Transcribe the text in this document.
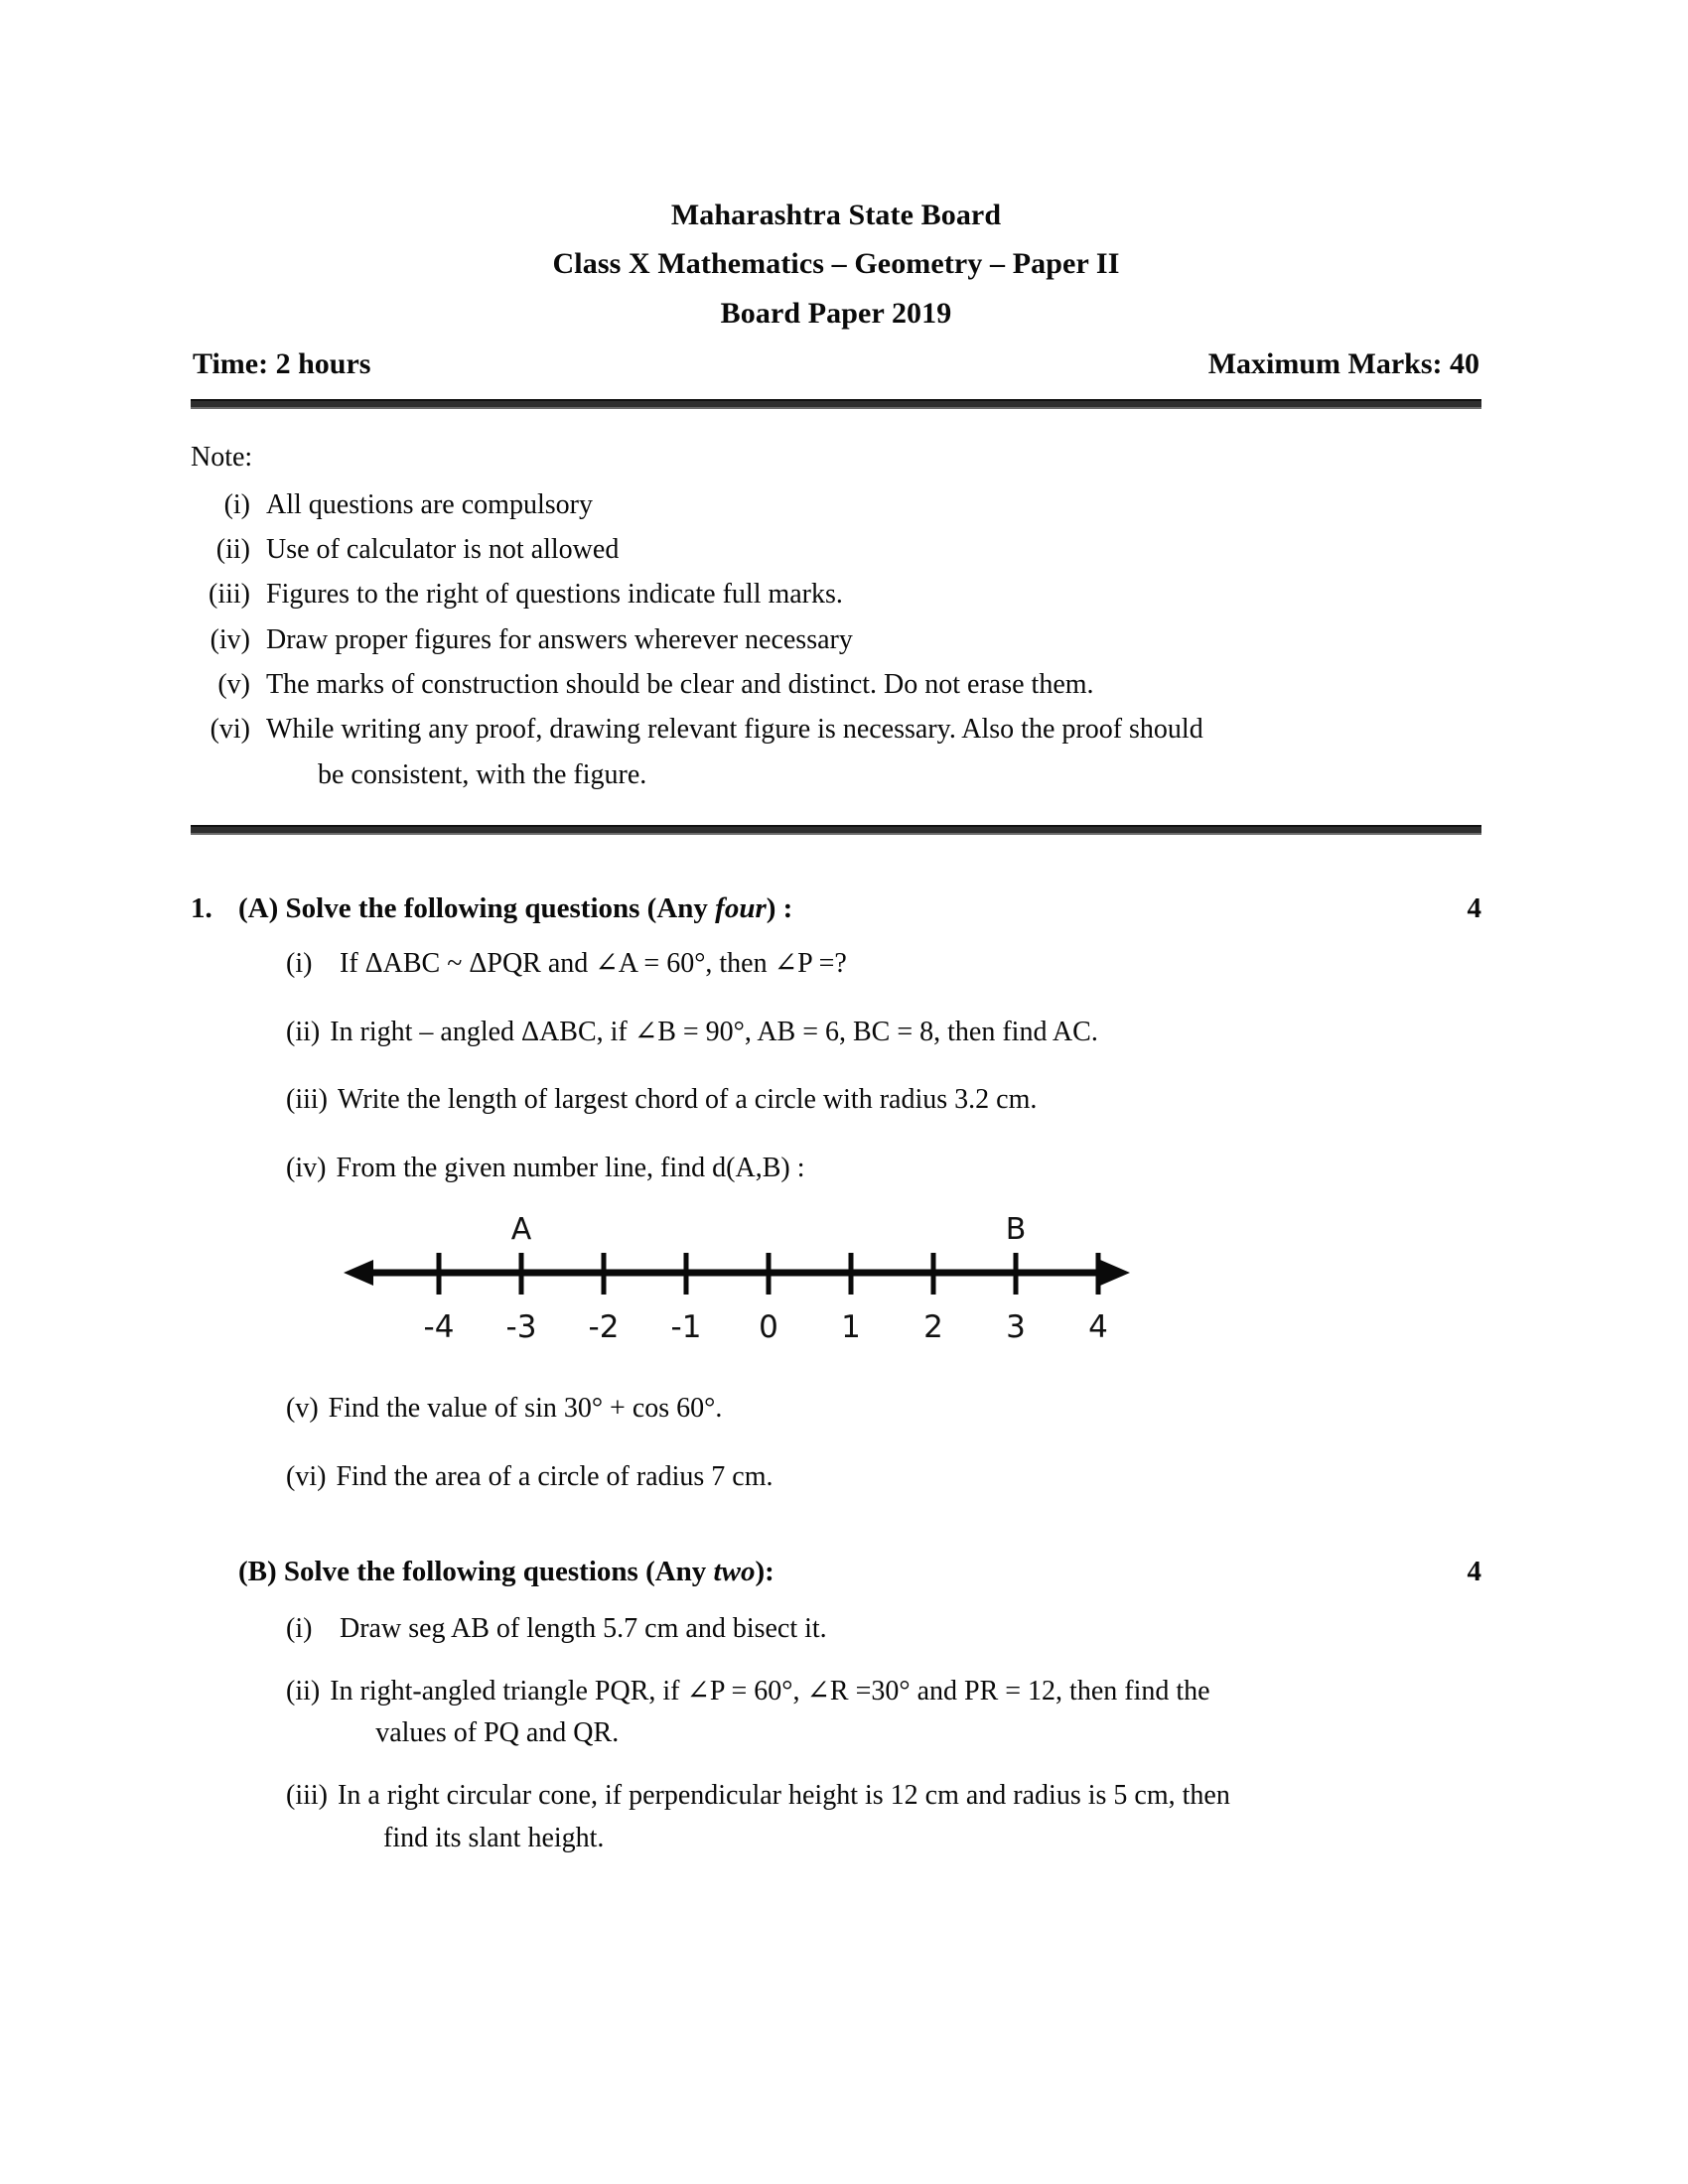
Maharashtra State Board
Class X Mathematics – Geometry – Paper II
Board Paper 2019
Time: 2 hours	Maximum Marks: 40
Note:
(i) All questions are compulsory
(ii) Use of calculator is not allowed
(iii) Figures to the right of questions indicate full marks.
(iv) Draw proper figures for answers wherever necessary
(v) The marks of construction should be clear and distinct. Do not erase them.
(vi) While writing any proof, drawing relevant figure is necessary. Also the proof should
be consistent, with the figure.
1. (A) Solve the following questions (Any four) :	4
(i) If ΔABC ~ ΔPQR and ∠A = 60°, then ∠P =?
(ii) In right – angled ΔABC, if ∠B = 90°, AB = 6, BC = 8, then find AC.
(iii) Write the length of largest chord of a circle with radius 3.2 cm.
(iv) From the given number line, find d(A,B) :
A	B
-4 -3 -2 -1 0 1 2 3 4
(v) Find the value of sin 30° + cos 60°.
(vi) Find the area of a circle of radius 7 cm.
(B) Solve the following questions (Any two):	4
(i) Draw seg AB of length 5.7 cm and bisect it.
(ii) In right-angled triangle PQR, if ∠P = 60°, ∠R =30° and PR = 12, then find the
values of PQ and QR.
(iii) In a right circular cone, if perpendicular height is 12 cm and radius is 5 cm, then
find its slant height.
